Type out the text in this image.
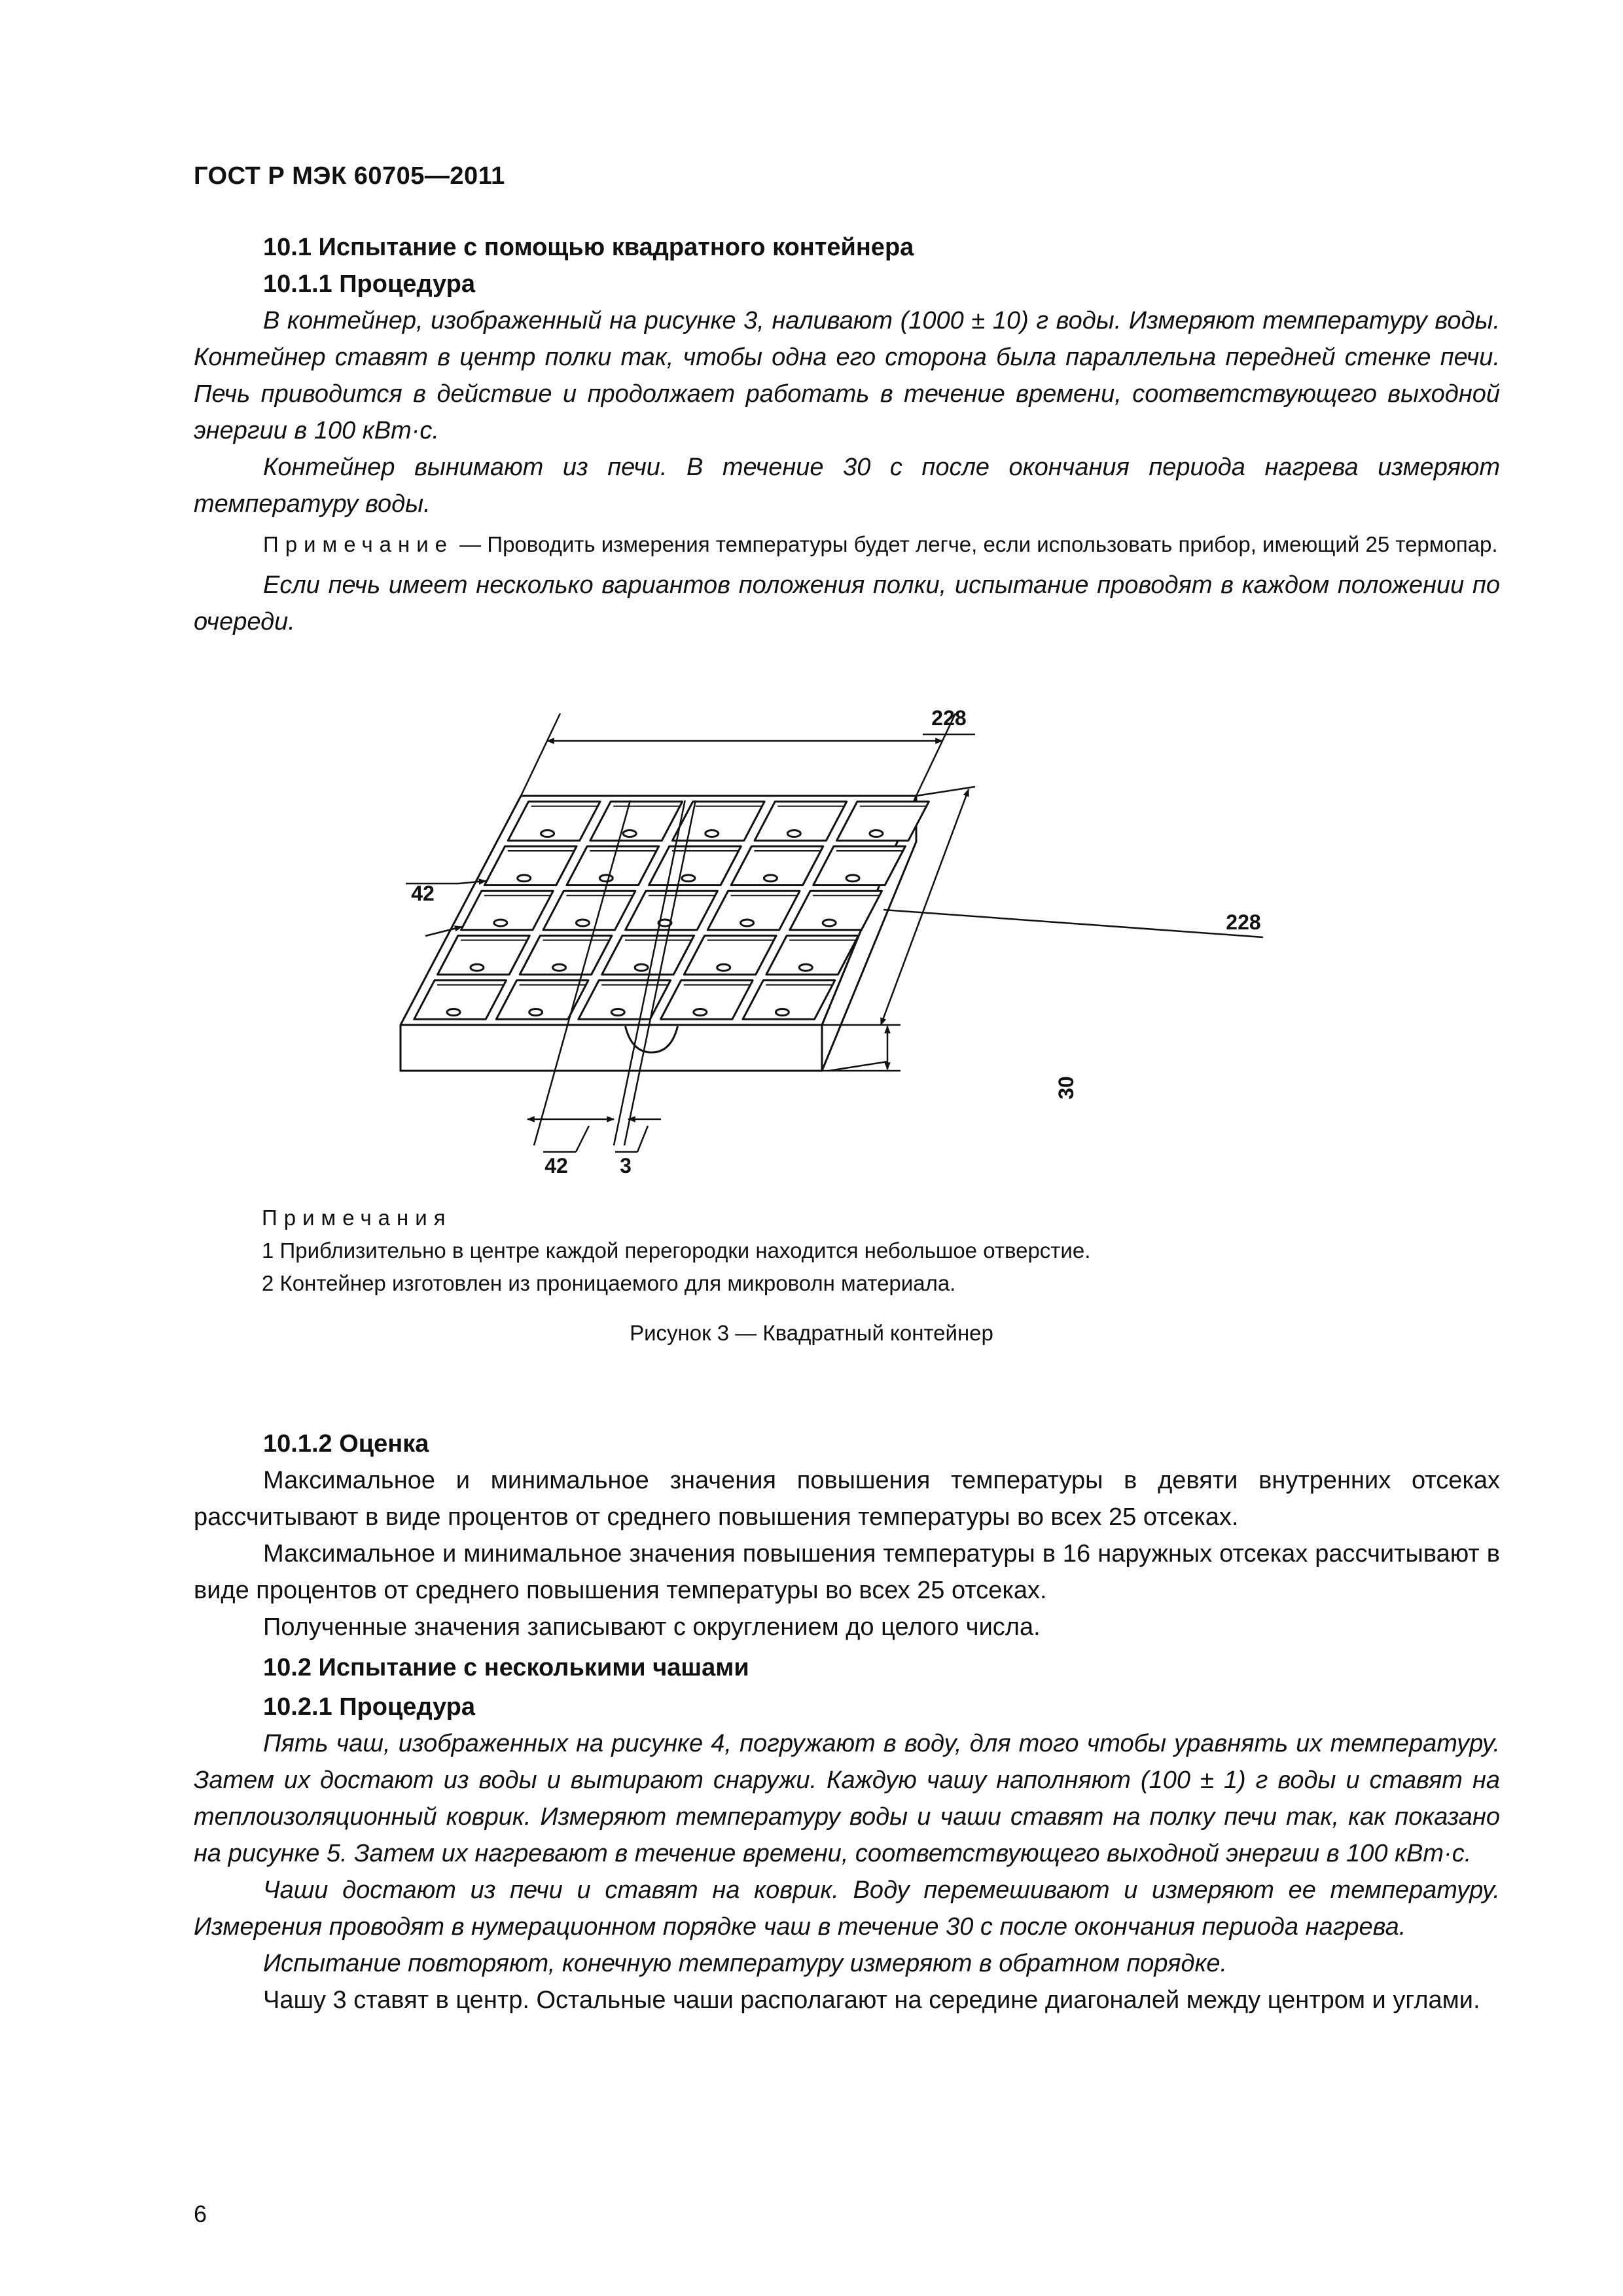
ГОСТ Р МЭК 60705—2011

10.1 Испытание с помощью квадратного контейнера

10.1.1 Процедура

В контейнер, изображенный на рисунке 3, наливают (1000 ± 10) г воды. Измеряют температуру воды. Контейнер ставят в центр полки так, чтобы одна его сторона была параллельна передней стенке печи. Печь приводится в действие и продолжает работать в течение времени, соответствующего выходной энергии в 100 кВт·с.

Контейнер вынимают из печи. В течение 30 с после окончания периода нагрева измеряют температуру воды.

Примечание — Проводить измерения температуры будет легче, если использовать прибор, имеющий 25 термопар.

Если печь имеет несколько вариантов положения полки, испытание проводят в каждом положении по очереди.

228
228
30
42
42 3
Примечания
1 Приблизительно в центре каждой перегородки находится небольшое отверстие.
2 Контейнер изготовлен из проницаемого для микроволн материала.
Рисунок 3 — Квадратный контейнер

10.1.2 Оценка

Максимальное и минимальное значения повышения температуры в девяти внутренних отсеках рассчитывают в виде процентов от среднего повышения температуры во всех 25 отсеках.

Максимальное и минимальное значения повышения температуры в 16 наружных отсеках рассчитывают в виде процентов от среднего повышения температуры во всех 25 отсеках.

Полученные значения записывают с округлением до целого числа.

10.2 Испытание с несколькими чашами

10.2.1 Процедура

Пять чаш, изображенных на рисунке 4, погружают в воду, для того чтобы уравнять их температуру. Затем их достают из воды и вытирают снаружи. Каждую чашу наполняют (100 ± 1) г воды и ставят на теплоизоляционный коврик. Измеряют температуру воды и чаши ставят на полку печи так, как показано на рисунке 5. Затем их нагревают в течение времени, соответствующего выходной энергии в 100 кВт·с.

Чаши достают из печи и ставят на коврик. Воду перемешивают и измеряют ее температуру. Измерения проводят в нумерационном порядке чаш в течение 30 с после окончания периода нагрева.

Испытание повторяют, конечную температуру измеряют в обратном порядке.

Чашу 3 ставят в центр. Остальные чаши располагают на середине диагоналей между центром и углами.

6
